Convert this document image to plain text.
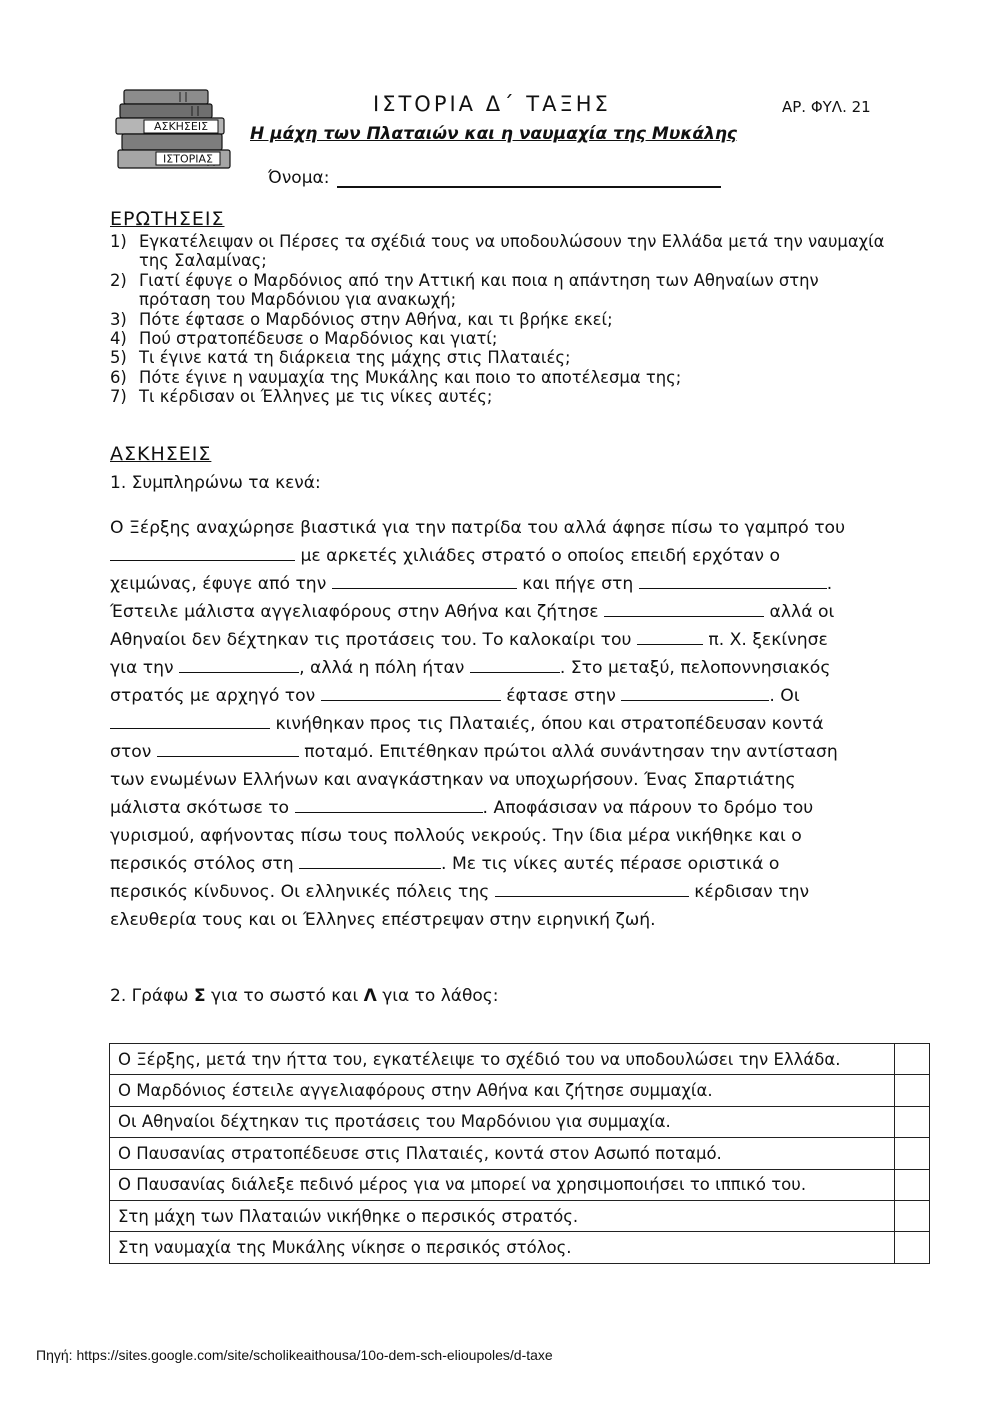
ΑΣΚΗΣΕΙΣ
ΙΣΤΟΡΙΑΣ
ΙΣΤΟΡΙΑ Δ΄ ΤΑΞΗΣ	ΑΡ. ΦΥΛ. 21
Η μάχη των Πλαταιών και η ναυμαχία της Μυκάλης
Όνομα:
ΕΡΩΤΗΣΕΙΣ
1) Εγκατέλειψαν οι Πέρσες τα σχέδιά τους να υποδουλώσουν την Ελλάδα μετά την ναυμαχία της Σαλαμίνας;
2) Γιατί έφυγε ο Μαρδόνιος από την Αττική και ποια η απάντηση των Αθηναίων στην πρόταση του Μαρδόνιου για ανακωχή;
3) Πότε έφτασε ο Μαρδόνιος στην Αθήνα, και τι βρήκε εκεί;
4) Πού στρατοπέδευσε ο Μαρδόνιος και γιατί;
5) Τι έγινε κατά τη διάρκεια της μάχης στις Πλαταιές;
6) Πότε έγινε η ναυμαχία της Μυκάλης και ποιο το αποτέλεσμα της;
7) Τι κέρδισαν οι Έλληνες με τις νίκες αυτές;
ΑΣΚΗΣΕΙΣ
1. Συμπληρώνω τα κενά:
Ο Ξέρξης αναχώρησε βιαστικά για την πατρίδα του αλλά άφησε πίσω το γαμπρό του
με αρκετές χιλιάδες στρατό ο οποίος επειδή ερχόταν ο
χειμώνας, έφυγε από την	και πήγε στη	.
Έστειλε μάλιστα αγγελιαφόρους στην Αθήνα και ζήτησε	αλλά οι
Αθηναίοι δεν δέχτηκαν τις προτάσεις του. Το καλοκαίρι του	π. Χ. ξεκίνησε
για την	, αλλά η πόλη ήταν	. Στο μεταξύ, πελοποννησιακός
στρατός με αρχηγό τον	έφτασε στην	. Οι
κινήθηκαν προς τις Πλαταιές, όπου και στρατοπέδευσαν κοντά
στον	ποταμό. Επιτέθηκαν πρώτοι αλλά συνάντησαν την αντίσταση
των ενωμένων Ελλήνων και αναγκάστηκαν να υποχωρήσουν. Ένας Σπαρτιάτης
μάλιστα σκότωσε το	. Αποφάσισαν να πάρουν το δρόμο του
γυρισμού, αφήνοντας πίσω τους πολλούς νεκρούς. Την ίδια μέρα νικήθηκε και ο
περσικός στόλος στη	. Με τις νίκες αυτές πέρασε οριστικά ο
περσικός κίνδυνος. Οι ελληνικές πόλεις της	κέρδισαν την
ελευθερία τους και οι Έλληνες επέστρεψαν στην ειρηνική ζωή.
2. Γράφω Σ για το σωστό και Λ για το λάθος:
Ο Ξέρξης, μετά την ήττα του, εγκατέλειψε το σχέδιό του να υποδουλώσει την Ελλάδα.	
Ο Μαρδόνιος έστειλε αγγελιαφόρους στην Αθήνα και ζήτησε συμμαχία.	
Οι Αθηναίοι δέχτηκαν τις προτάσεις του Μαρδόνιου για συμμαχία.	
Ο Παυσανίας στρατοπέδευσε στις Πλαταιές, κοντά στον Ασωπό ποταμό.	
Ο Παυσανίας διάλεξε πεδινό μέρος για να μπορεί να χρησιμοποιήσει το ιππικό του.	
Στη μάχη των Πλαταιών νικήθηκε ο περσικός στρατός.	
Στη ναυμαχία της Μυκάλης νίκησε ο περσικός στόλος.	
Πηγή: https://sites.google.com/site/scholikeaithousa/10o-dem-sch-elioupoles/d-taxe
